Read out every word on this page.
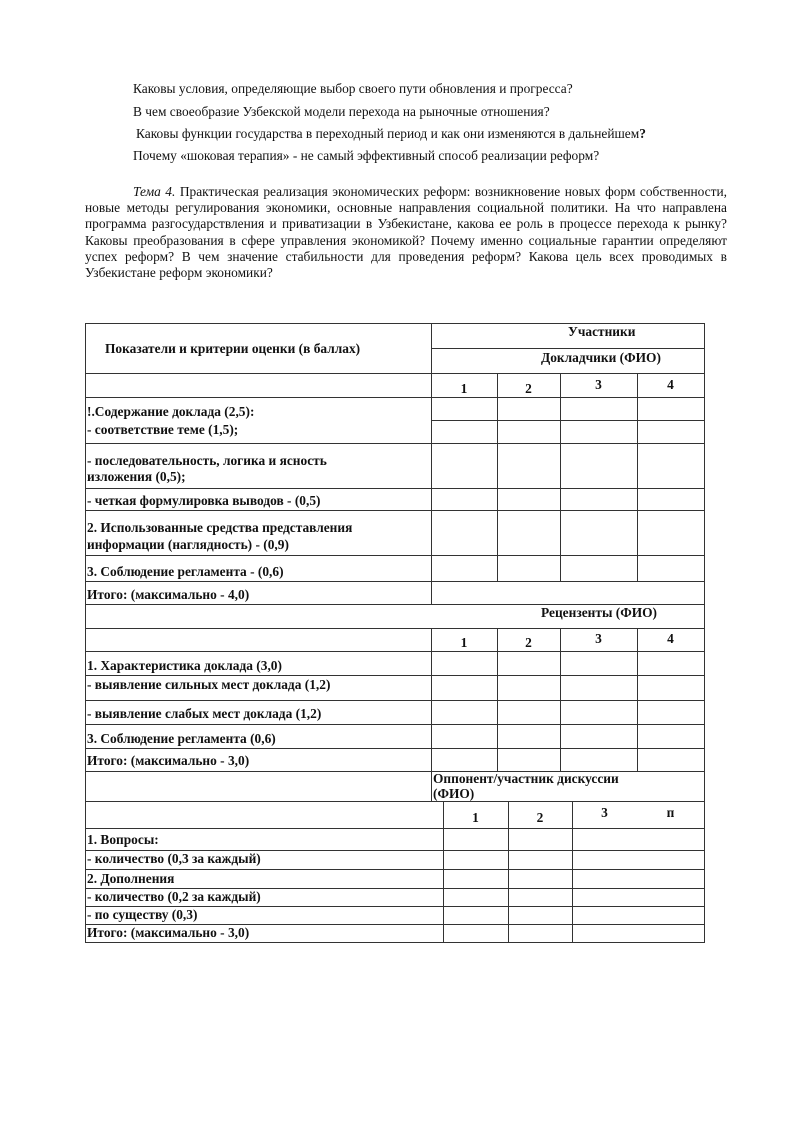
Каковы условия, определяющие выбор своего пути обновления и прогресса?
В чем своеобразие Узбекской модели перехода на рыночные отношения?
Каковы функции государства в переходный период и как они изменяются в дальнейшем?
Почему «шоковая терапия» - не самый эффективный способ реализации реформ?
Тема 4. Практическая реализация экономических реформ: возникновение новых форм собственности, новые методы регулирования экономики, основные направления социальной политики. На что направлена программа разгосударствления и приватизации в Узбекистане, какова ее роль в процессе перехода к рынку? Каковы преобразования в сфере управления экономикой? Почему именно социальные гарантии определяют успех реформ? В чем значение стабильности для проведения реформ? Какова цель всех проводимых в Узбекистане реформ экономики?
Показатели и критерии оценки (в баллах)
Участники
Докладчики (ФИО)
1	2	3	4
!.Содержание доклада (2,5):
- соответствие теме (1,5);
- последовательность, логика и ясность
изложения (0,5);
- четкая формулировка выводов - (0,5)
2. Использованные средства представления
информации (наглядность) - (0,9)
3. Соблюдение регламента - (0,6)
Итого: (максимально - 4,0)
Рецензенты (ФИО)
1	2	3	4
1. Характеристика доклада (3,0)
- выявление сильных мест доклада (1,2)
- выявление слабых мест доклада (1,2)
3. Соблюдение регламента (0,6)
Итого: (максимально - 3,0)
Оппонент/участник дискуссии
(ФИО)
1	2	3	п
1. Вопросы:
- количество (0,3 за каждый)
2. Дополнения
- количество (0,2 за каждый)
- по существу (0,3)
Итого: (максимально - 3,0)
